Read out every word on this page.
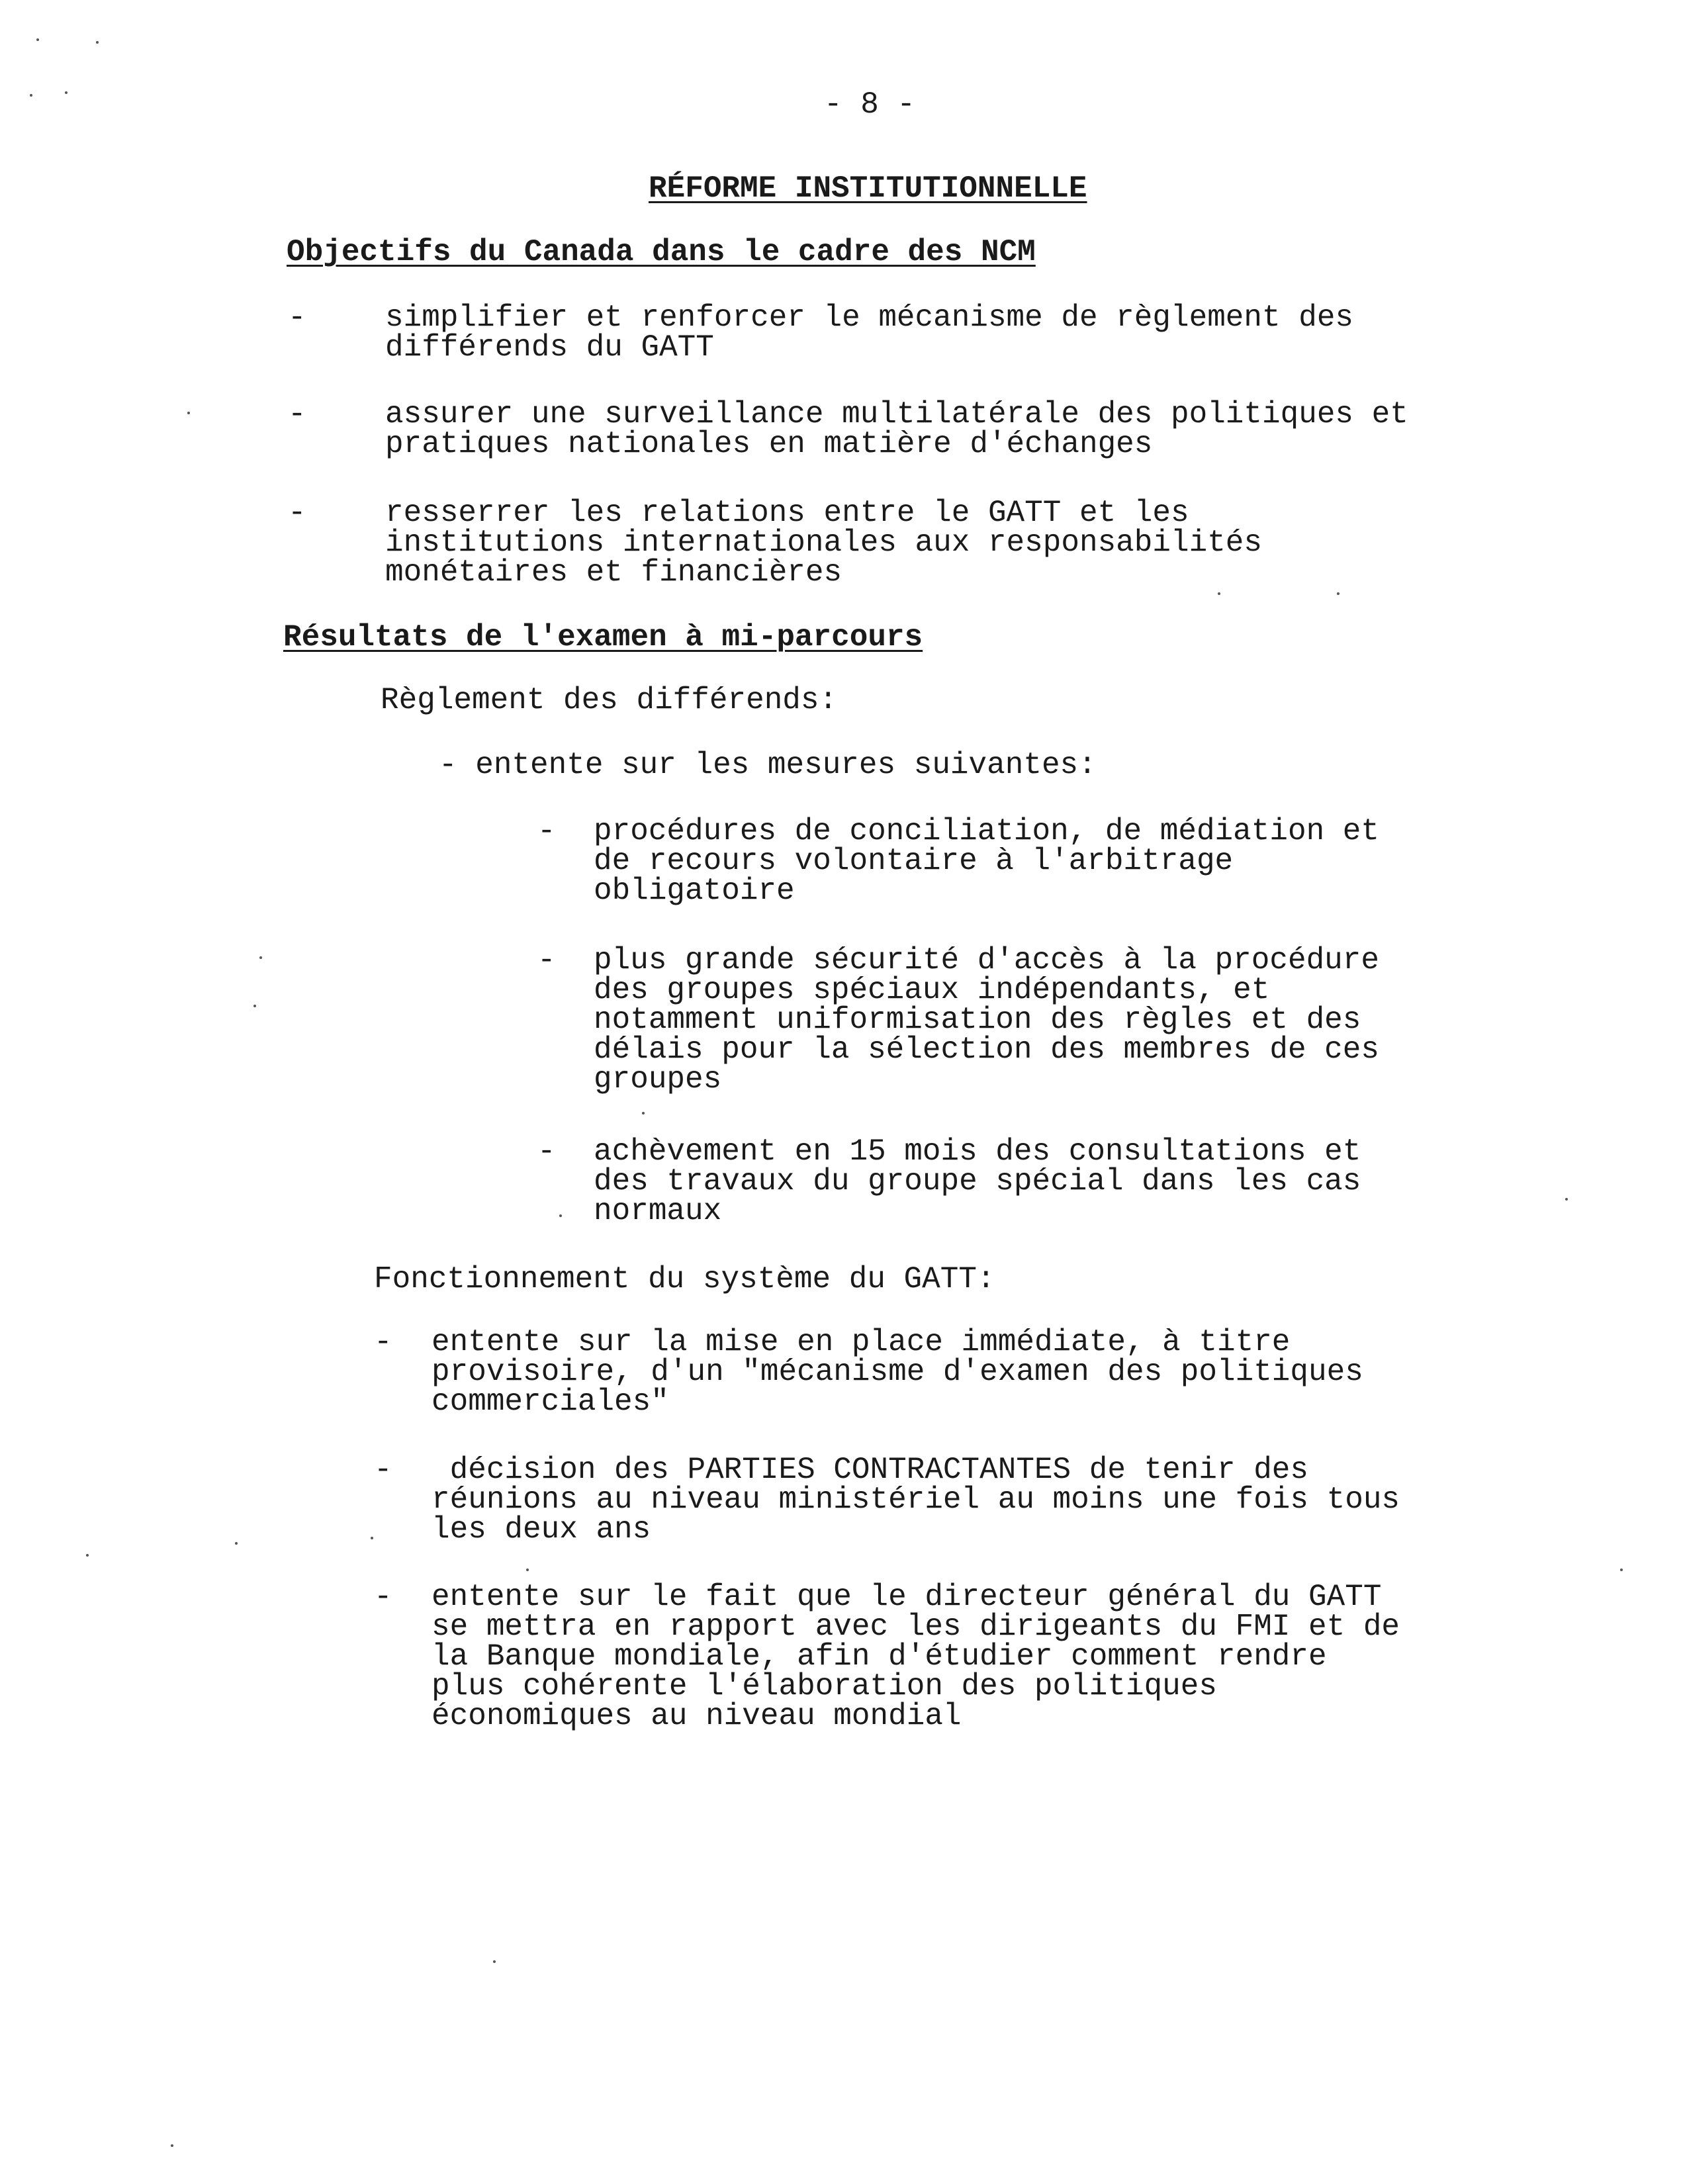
- 8 -
RÉFORME INSTITUTIONNELLE
Objectifs du Canada dans le cadre des NCM
-	simplifier et renforcer le mécanisme de règlement des
différends du GATT
-	assurer une surveillance multilatérale des politiques et
pratiques nationales en matière d'échanges
-	resserrer les relations entre le GATT et les
institutions internationales aux responsabilités
monétaires et financières
Résultats de l'examen à mi-parcours
Règlement des différends:
- entente sur les mesures suivantes:
- procédures de conciliation, de médiation et
de recours volontaire à l'arbitrage
obligatoire
- plus grande sécurité d'accès à la procédure
des groupes spéciaux indépendants, et
notamment uniformisation des règles et des
délais pour la sélection des membres de ces
groupes
- achèvement en 15 mois des consultations et
des travaux du groupe spécial dans les cas
normaux
Fonctionnement du système du GATT:
- entente sur la mise en place immédiate, à titre
provisoire, d'un "mécanisme d'examen des politiques
commerciales"
- décision des PARTIES CONTRACTANTES de tenir des
réunions au niveau ministériel au moins une fois tous
les deux ans
- entente sur le fait que le directeur général du GATT
se mettra en rapport avec les dirigeants du FMI et de
la Banque mondiale, afin d'étudier comment rendre
plus cohérente l'élaboration des politiques
économiques au niveau mondial
